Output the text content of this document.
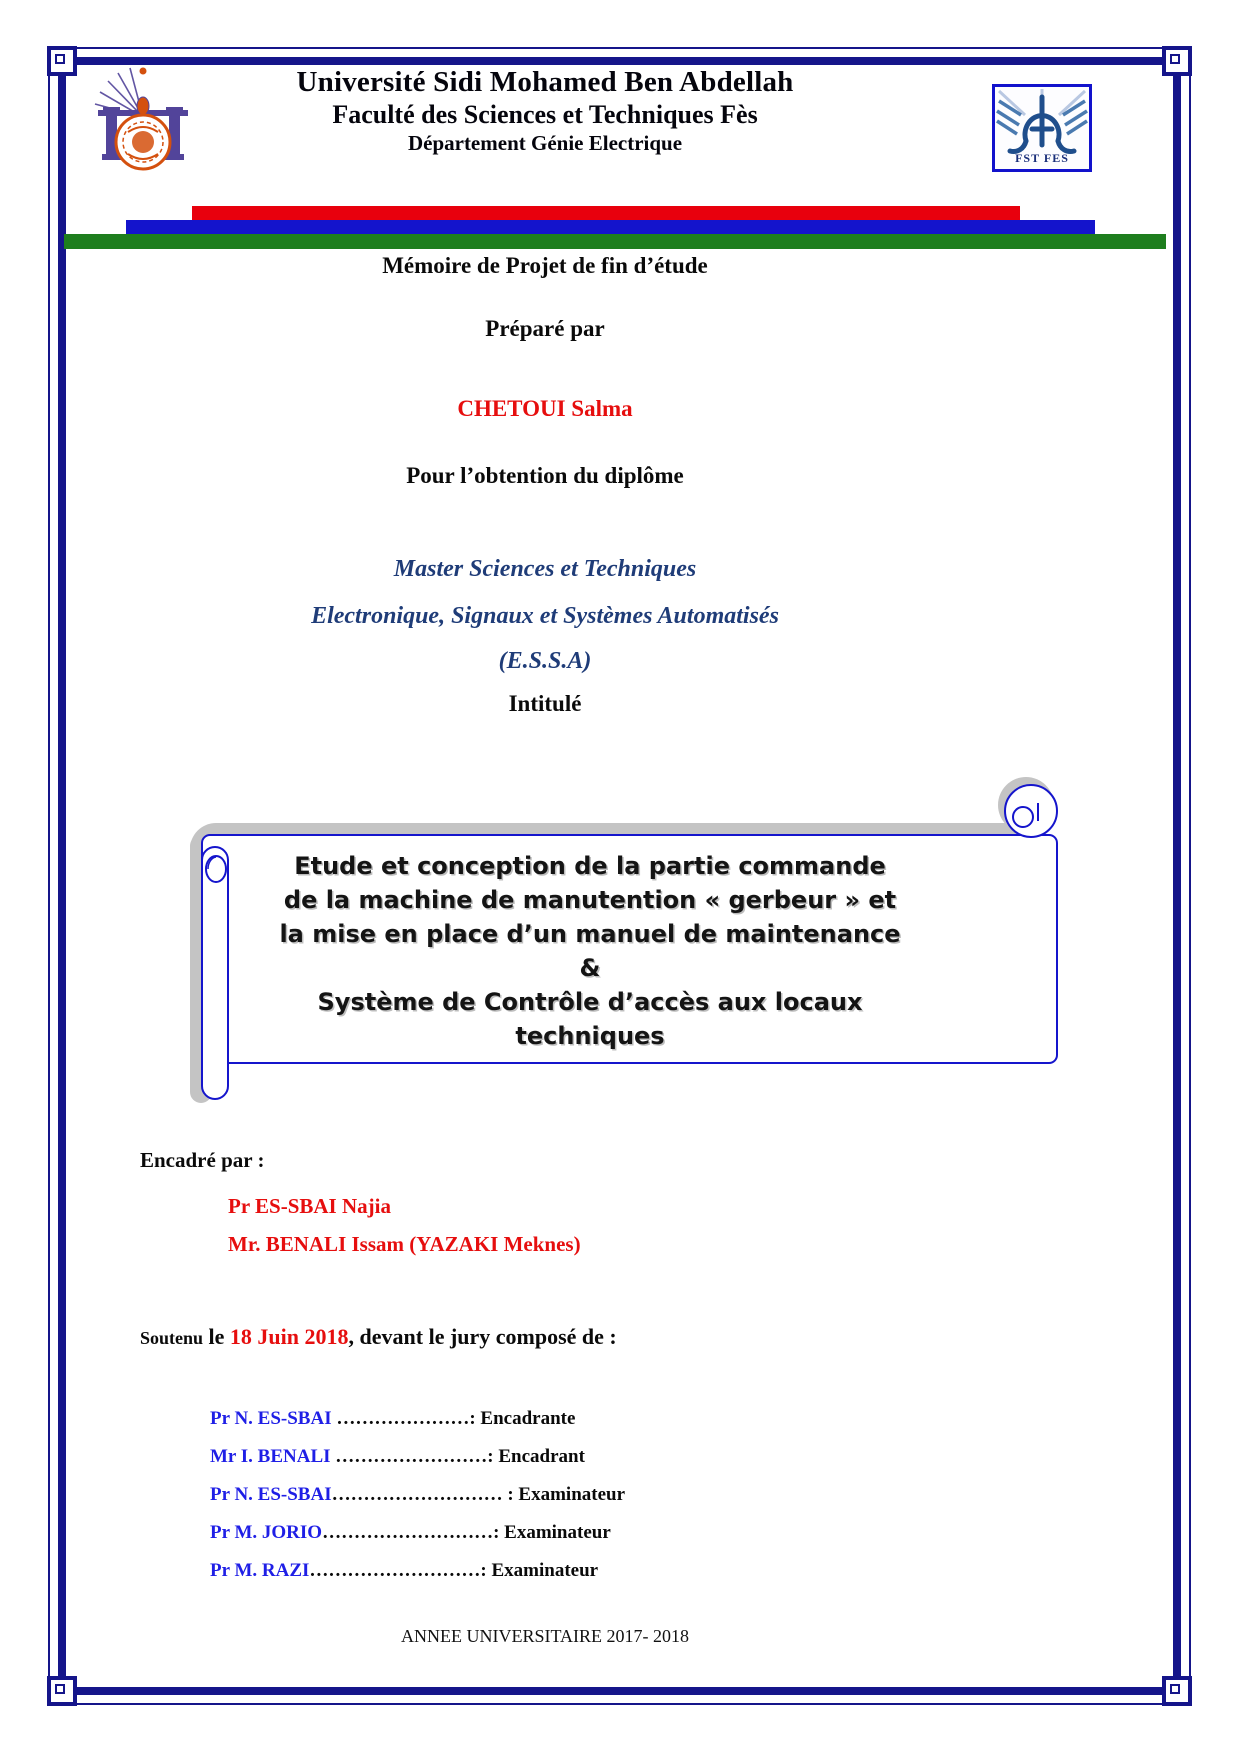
Université Sidi Mohamed Ben Abdellah
Faculté des Sciences et Techniques Fès
Département Génie Electrique
FST FES
Mémoire de Projet de fin d’étude
Préparé par
CHETOUI Salma
Pour l’obtention du diplôme
Master Sciences et Techniques
Electronique, Signaux et Systèmes Automatisés
(E.S.S.A)
Intitulé
Etude et conception de la partie commande
de la machine de manutention « gerbeur » et
la mise en place d’un manuel de maintenance
&
Système de Contrôle d’accès aux locaux
techniques
Encadré par :
Pr ES-SBAI Najia
Mr. BENALI Issam (YAZAKI Meknes)
Soutenu le 18 Juin 2018, devant le jury composé de :
Pr N. ES-SBAI …………………: Encadrante
Mr I. BENALI ……………………: Encadrant
Pr N. ES-SBAI……………………… : Examinateur
Pr M. JORIO………………………: Examinateur
Pr M. RAZI………………………: Examinateur
ANNEE UNIVERSITAIRE 2017- 2018
